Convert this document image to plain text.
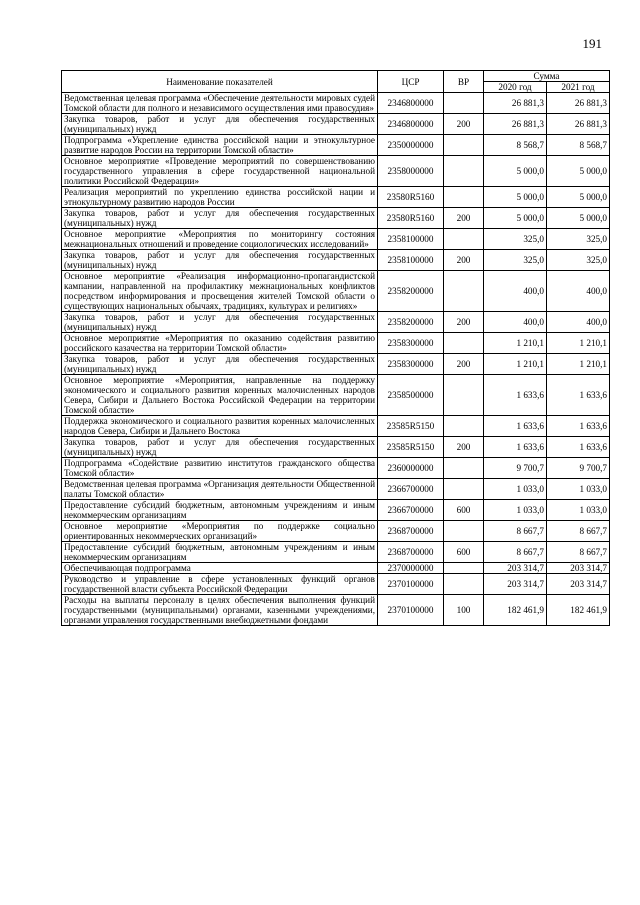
191
Наименование показателей	ЦСР	ВР	Сумма	
			2020 год	2021 год
Ведомственная целевая программа «Обеспечение деятельности мировых судей Томской области для полного и независимого осуществления ими правосудия»	2346800000		26 881,3	26 881,3
Закупка товаров, работ и услуг для обеспечения государственных (муниципальных) нужд	2346800000	200	26 881,3	26 881,3
Подпрограмма «Укрепление единства российской нации и этнокультурное развитие народов России на территории Томской области»	2350000000		8 568,7	8 568,7
Основное мероприятие «Проведение мероприятий по совершенствованию государственного управления в сфере государственной национальной политики Российской Федерации»	2358000000		5 000,0	5 000,0
Реализация мероприятий по укреплению единства российской нации и этнокультурному развитию народов России	23580R5160		5 000,0	5 000,0
Закупка товаров, работ и услуг для обеспечения государственных (муниципальных) нужд	23580R5160	200	5 000,0	5 000,0
Основное мероприятие «Мероприятия по мониторингу состояния межнациональных отношений и проведение социологических исследований»	2358100000		325,0	325,0
Закупка товаров, работ и услуг для обеспечения государственных (муниципальных) нужд	2358100000	200	325,0	325,0
Основное мероприятие «Реализация информационно-пропагандистской кампании, направленной на профилактику межнациональных конфликтов посредством информирования и просвещения жителей Томской области о существующих национальных обычаях, традициях, культурах и религиях»	2358200000		400,0	400,0
Закупка товаров, работ и услуг для обеспечения государственных (муниципальных) нужд	2358200000	200	400,0	400,0
Основное мероприятие «Мероприятия по оказанию содействия развитию российского казачества на территории Томской области»	2358300000		1 210,1	1 210,1
Закупка товаров, работ и услуг для обеспечения государственных (муниципальных) нужд	2358300000	200	1 210,1	1 210,1
Основное мероприятие «Мероприятия, направленные на поддержку экономического и социального развития коренных малочисленных народов Севера, Сибири и Дальнего Востока Российской Федерации на территории Томской области»	2358500000		1 633,6	1 633,6
Поддержка экономического и социального развития коренных малочисленных народов Севера, Сибири и Дальнего Востока	23585R5150		1 633,6	1 633,6
Закупка товаров, работ и услуг для обеспечения государственных (муниципальных) нужд	23585R5150	200	1 633,6	1 633,6
Подпрограмма «Содействие развитию институтов гражданского общества Томской области»	2360000000		9 700,7	9 700,7
Ведомственная целевая программа «Организация деятельности Общественной палаты Томской области»	2366700000		1 033,0	1 033,0
Предоставление субсидий бюджетным, автономным учреждениям и иным некоммерческим организациям	2366700000	600	1 033,0	1 033,0
Основное мероприятие «Мероприятия по поддержке социально ориентированных некоммерческих организаций»	2368700000		8 667,7	8 667,7
Предоставление субсидий бюджетным, автономным учреждениям и иным некоммерческим организациям	2368700000	600	8 667,7	8 667,7
Обеспечивающая подпрограмма	2370000000		203 314,7	203 314,7
Руководство и управление в сфере установленных функций органов государственной власти субъекта Российской Федерации	2370100000		203 314,7	203 314,7
Расходы на выплаты персоналу в целях обеспечения выполнения функций государственными (муниципальными) органами, казенными учреждениями, органами управления государственными внебюджетными фондами	2370100000	100	182 461,9	182 461,9
